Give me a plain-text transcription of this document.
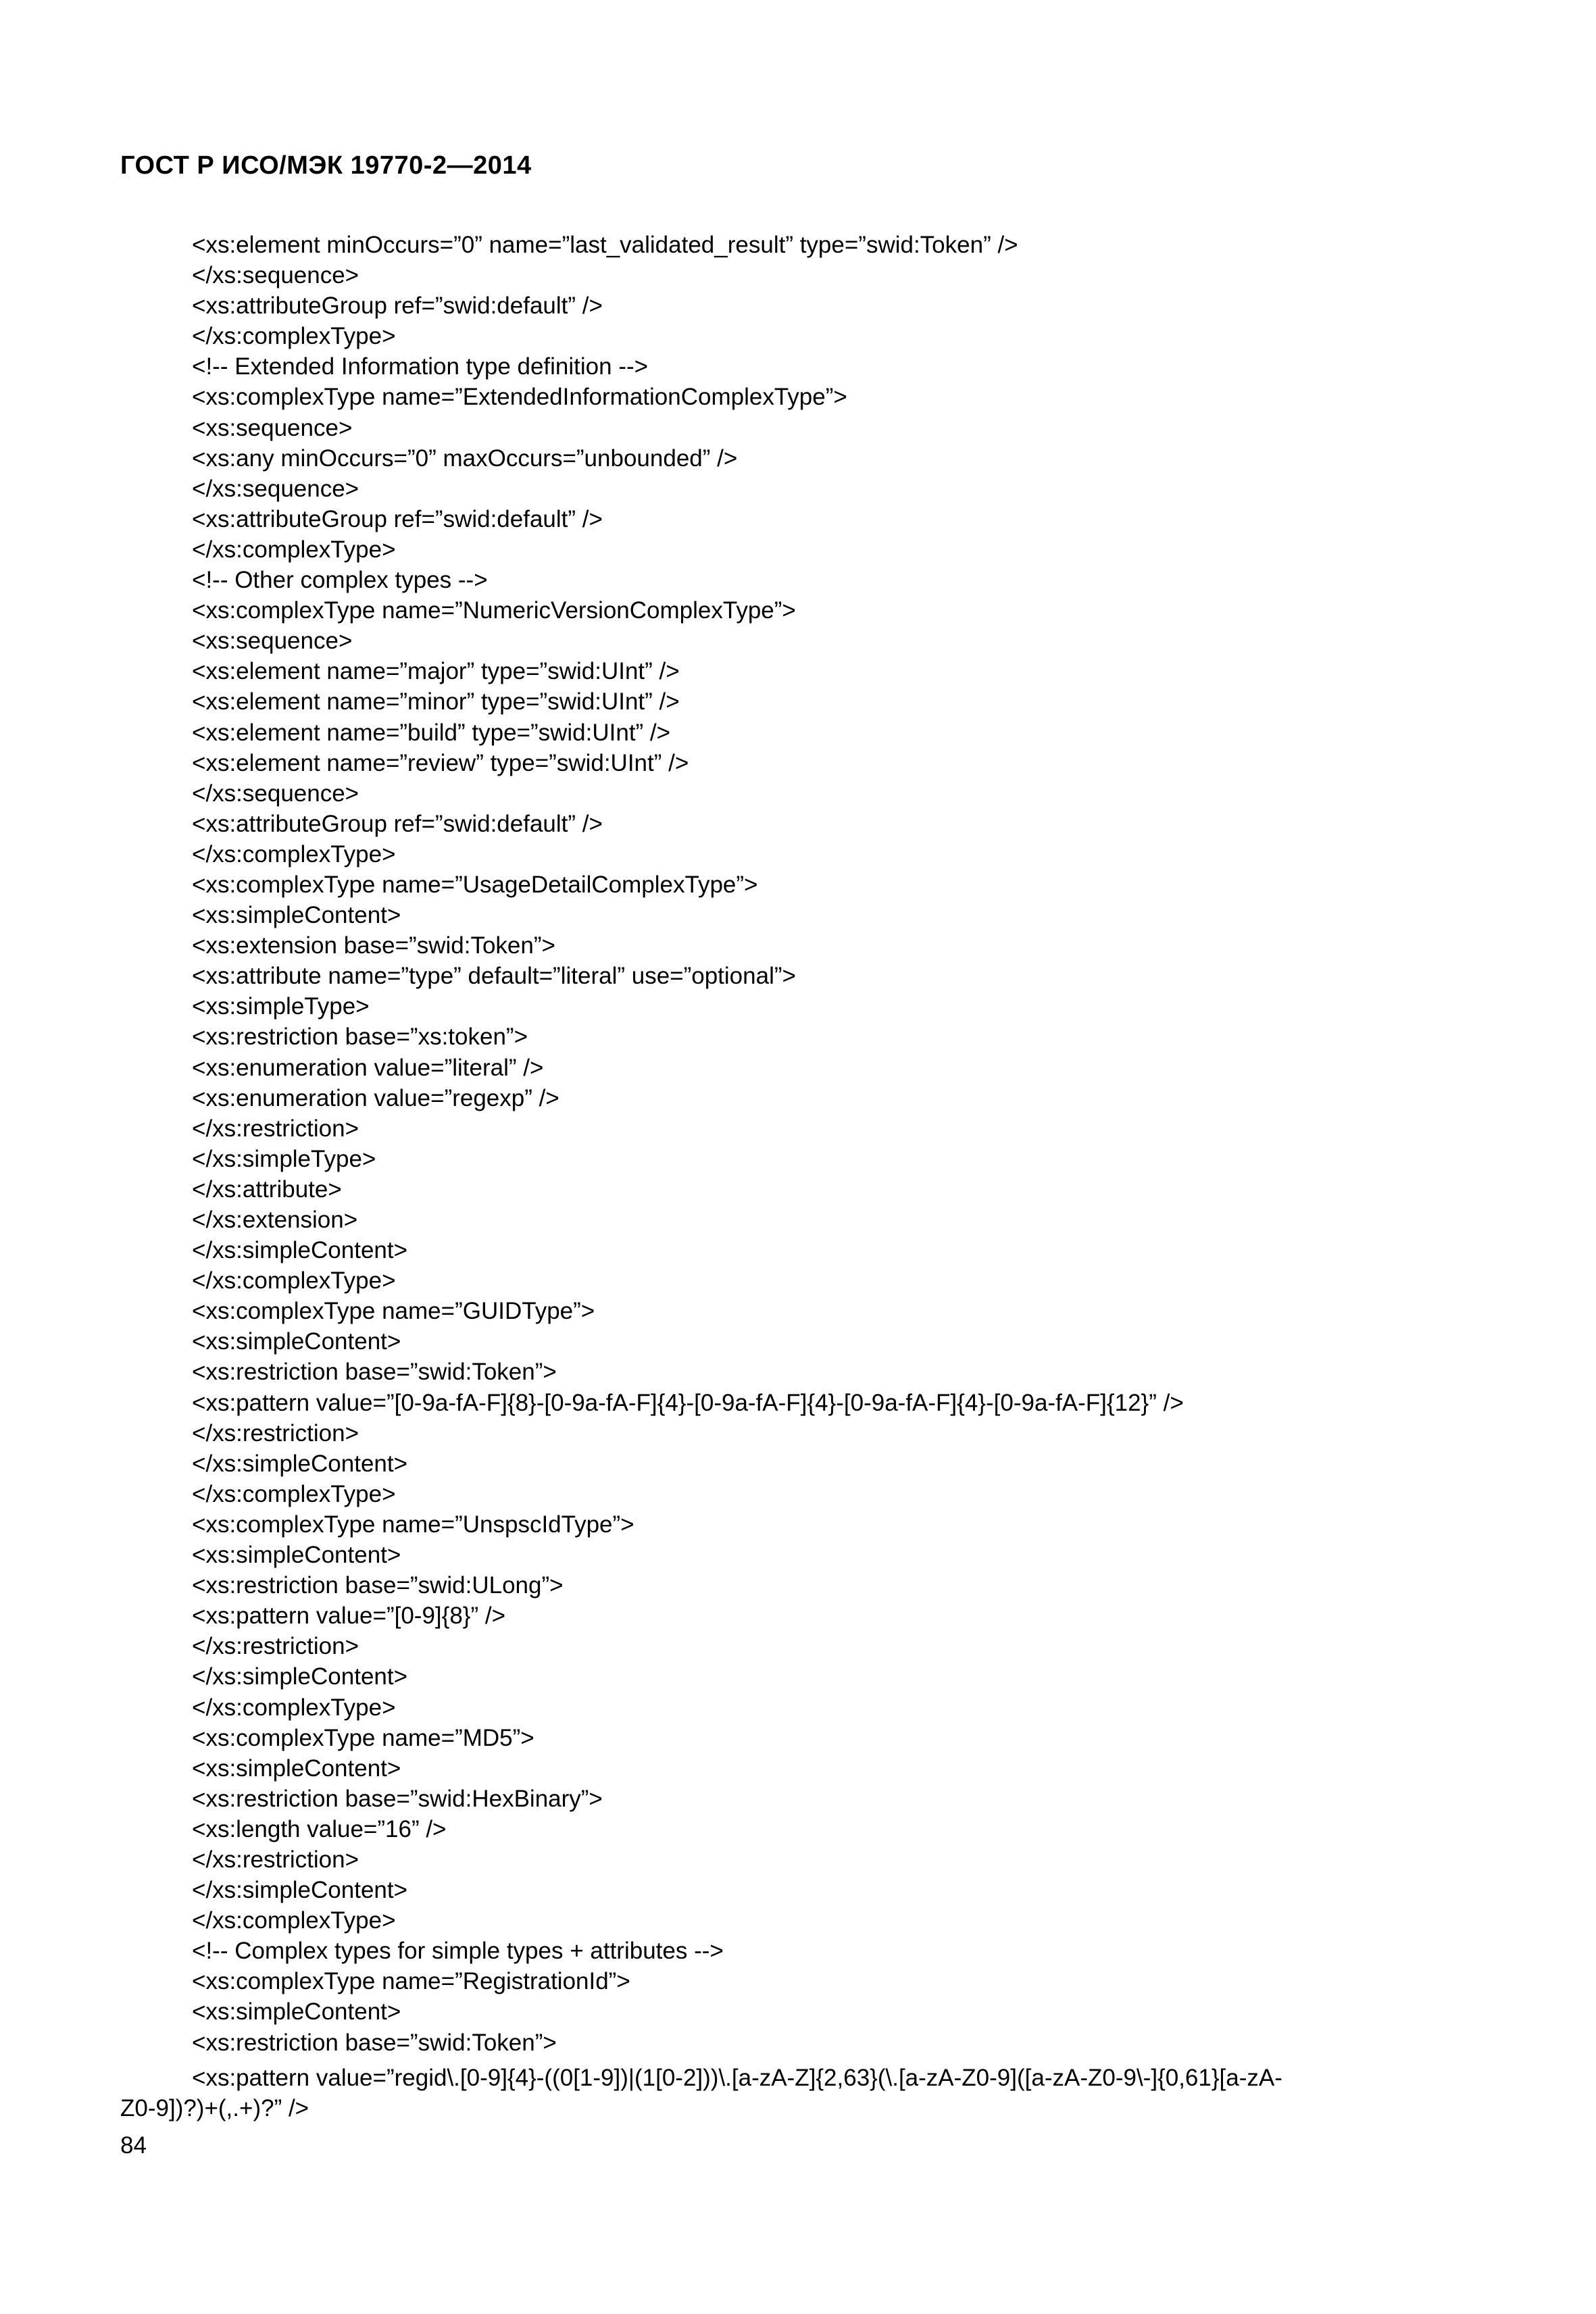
ГОСТ Р ИСО/МЭК 19770-2—2014
<xs:element minOccurs=”0” name=”last_validated_result” type=”swid:Token” />
</xs:sequence>
<xs:attributeGroup ref=”swid:default” />
</xs:complexType>
<!-- Extended Information type definition -->
<xs:complexType name=”ExtendedInformationComplexType”>
<xs:sequence>
<xs:any minOccurs=”0” maxOccurs=”unbounded” />
</xs:sequence>
<xs:attributeGroup ref=”swid:default” />
</xs:complexType>
<!-- Other complex types -->
<xs:complexType name=”NumericVersionComplexType”>
<xs:sequence>
<xs:element name=”major” type=”swid:UInt” />
<xs:element name=”minor” type=”swid:UInt” />
<xs:element name=”build” type=”swid:UInt” />
<xs:element name=”review” type=”swid:UInt” />
</xs:sequence>
<xs:attributeGroup ref=”swid:default” />
</xs:complexType>
<xs:complexType name=”UsageDetailComplexType”>
<xs:simpleContent>
<xs:extension base=”swid:Token”>
<xs:attribute name=”type” default=”literal” use=”optional”>
<xs:simpleType>
<xs:restriction base=”xs:token”>
<xs:enumeration value=”literal” />
<xs:enumeration value=”regexp” />
</xs:restriction>
</xs:simpleType>
</xs:attribute>
</xs:extension>
</xs:simpleContent>
</xs:complexType>
<xs:complexType name=”GUIDType”>
<xs:simpleContent>
<xs:restriction base=”swid:Token”>
<xs:pattern value=”[0-9a-fA-F]{8}-[0-9a-fA-F]{4}-[0-9a-fA-F]{4}-[0-9a-fA-F]{4}-[0-9a-fA-F]{12}” />
</xs:restriction>
</xs:simpleContent>
</xs:complexType>
<xs:complexType name=”UnspscIdType”>
<xs:simpleContent>
<xs:restriction base=”swid:ULong”>
<xs:pattern value=”[0-9]{8}” />
</xs:restriction>
</xs:simpleContent>
</xs:complexType>
<xs:complexType name=”MD5”>
<xs:simpleContent>
<xs:restriction base=”swid:HexBinary”>
<xs:length value=”16” />
</xs:restriction>
</xs:simpleContent>
</xs:complexType>
<!-- Complex types for simple types + attributes -->
<xs:complexType name=”RegistrationId”>
<xs:simpleContent>
<xs:restriction base=”swid:Token”>
<xs:pattern value=”regid\.[0-9]{4}-((0[1-9])|(1[0-2]))\.[a-zA-Z]{2,63}(\.[a-zA-Z0-9]([a-zA-Z0-9\-]{0,61}[a-zA-
Z0-9])?)+(,.+)?” />
84
